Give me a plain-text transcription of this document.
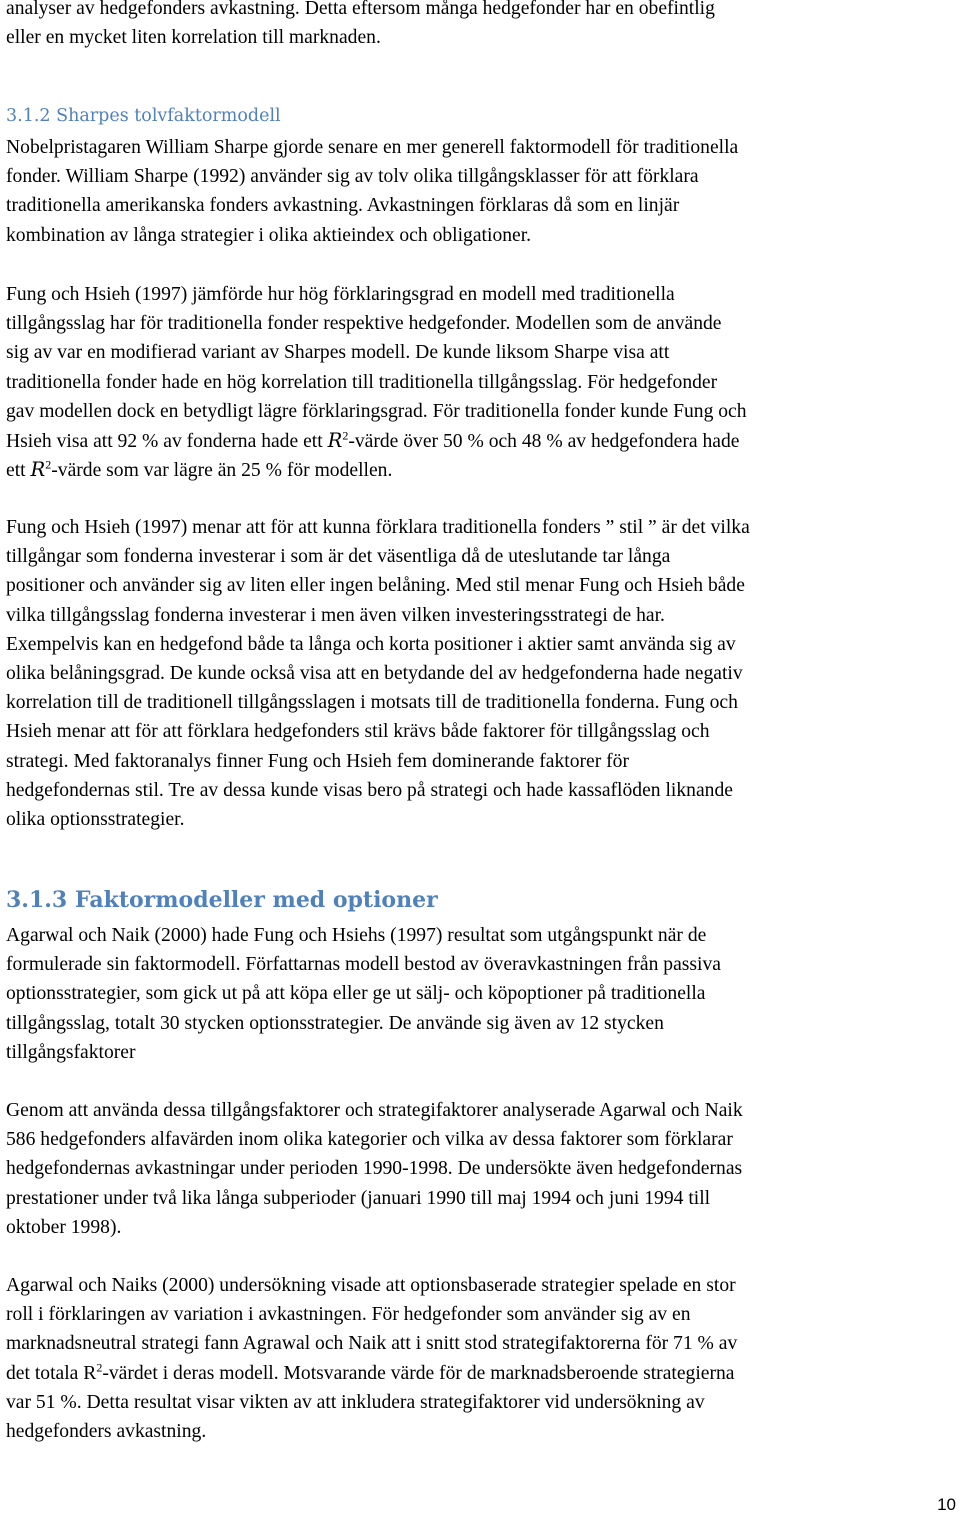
analyser av hedgefonders avkastning. Detta eftersom många hedgefonder har en obefintlig
eller en mycket liten korrelation till marknaden.
3.1.2 Sharpes tolvfaktormodell
Nobelpristagaren William Sharpe gjorde senare en mer generell faktormodell för traditionella
fonder. William Sharpe (1992) använder sig av tolv olika tillgångsklasser för att förklara
traditionella amerikanska fonders avkastning. Avkastningen förklaras då som en linjär
kombination av långa strategier i olika aktieindex och obligationer.
Fung och Hsieh (1997) jämförde hur hög förklaringsgrad en modell med traditionella
tillgångsslag har för traditionella fonder respektive hedgefonder. Modellen som de använde
sig av var en modifierad variant av Sharpes modell. De kunde liksom Sharpe visa att
traditionella fonder hade en hög korrelation till traditionella tillgångsslag. För hedgefonder
gav modellen dock en betydligt lägre förklaringsgrad. För traditionella fonder kunde Fung och
Hsieh visa att 92 % av fonderna hade ett $R^2$-värde över 50 % och 48 % av hedgefondera hade
ett $R^2$-värde som var lägre än 25 % för modellen.
Fung och Hsieh (1997) menar att för att kunna förklara traditionella fonders ” stil ” är det vilka
tillgångar som fonderna investerar i som är det väsentliga då de uteslutande tar långa
positioner och använder sig av liten eller ingen belåning. Med stil menar Fung och Hsieh både
vilka tillgångsslag fonderna investerar i men även vilken investeringsstrategi de har.
Exempelvis kan en hedgefond både ta långa och korta positioner i aktier samt använda sig av
olika belåningsgrad. De kunde också visa att en betydande del av hedgefonderna hade negativ
korrelation till de traditionell tillgångsslagen i motsats till de traditionella fonderna. Fung och
Hsieh menar att för att förklara hedgefonders stil krävs både faktorer för tillgångsslag och
strategi. Med faktoranalys finner Fung och Hsieh fem dominerande faktorer för
hedgefondernas stil. Tre av dessa kunde visas bero på strategi och hade kassaflöden liknande
olika optionsstrategier.
3.1.3 Faktormodeller med optioner
Agarwal och Naik (2000) hade Fung och Hsiehs (1997) resultat som utgångspunkt när de
formulerade sin faktormodell. Författarnas modell bestod av överavkastningen från passiva
optionsstrategier, som gick ut på att köpa eller ge ut sälj- och köpoptioner på traditionella
tillgångsslag, totalt 30 stycken optionsstrategier. De använde sig även av 12 stycken
tillgångsfaktorer
Genom att använda dessa tillgångsfaktorer och strategifaktorer analyserade Agarwal och Naik
586 hedgefonders alfavärden inom olika kategorier och vilka av dessa faktorer som förklarar
hedgefondernas avkastningar under perioden 1990-1998. De undersökte även hedgefondernas
prestationer under två lika långa subperioder (januari 1990 till maj 1994 och juni 1994 till
oktober 1998).
Agarwal och Naiks (2000) undersökning visade att optionsbaserade strategier spelade en stor
roll i förklaringen av variation i avkastningen. För hedgefonder som använder sig av en
marknadsneutral strategi fann Agrawal och Naik att i snitt stod strategifaktorerna för 71 % av
det totala $R^2$-värdet i deras modell. Motsvarande värde för de marknadsberoende strategierna
var 51 %. Detta resultat visar vikten av att inkludera strategifaktorer vid undersökning av
hedgefonders avkastning.
10
